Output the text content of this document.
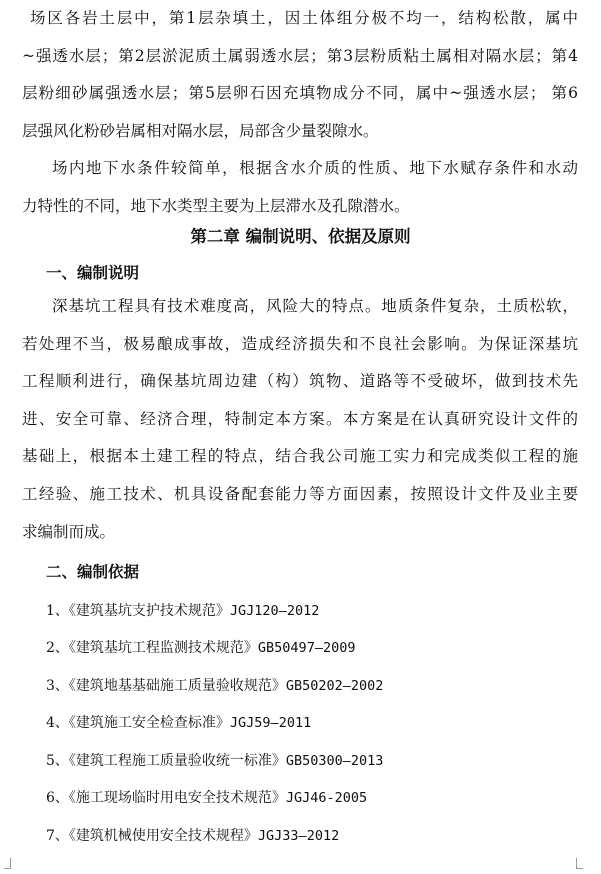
场区各岩土层中，第1层杂填土，因土体组分极不均一，结构松散，属中
~强透水层；第2层淤泥质土属弱透水层；第3层粉质粘土属相对隔水层；第4
层粉细砂属强透水层；第5层卵石因充填物成分不同，属中~强透水层； 第6
层强风化粉砂岩属相对隔水层，局部含少量裂隙水。
场内地下水条件较简单，根据含水介质的性质、地下水赋存条件和水动
力特性的不同，地下水类型主要为上层滞水及孔隙潜水。
第二章 编制说明、依据及原则
一、编制说明
深基坑工程具有技术难度高，风险大的特点。地质条件复杂，土质松软，
若处理不当，极易酿成事故，造成经济损失和不良社会影响。为保证深基坑
工程顺利进行，确保基坑周边建（构）筑物、道路等不受破坏，做到技术先
进、安全可靠、经济合理，特制定本方案。本方案是在认真研究设计文件的
基础上，根据本土建工程的特点，结合我公司施工实力和完成类似工程的施
工经验、施工技术、机具设备配套能力等方面因素，按照设计文件及业主要
求编制而成。
二、编制依据

1、《建筑基坑支护技术规范》JGJ120—2012

2、《建筑基坑工程监测技术规范》GB50497—2009

3、《建筑地基基础施工质量验收规范》GB50202—2002

4、《建筑施工安全检查标准》JGJ59—2011

5、《建筑工程施工质量验收统一标准》GB50300—2013

6、《施工现场临时用电安全技术规范》JGJ46-2005

7、《建筑机械使用安全技术规程》JGJ33—2012
